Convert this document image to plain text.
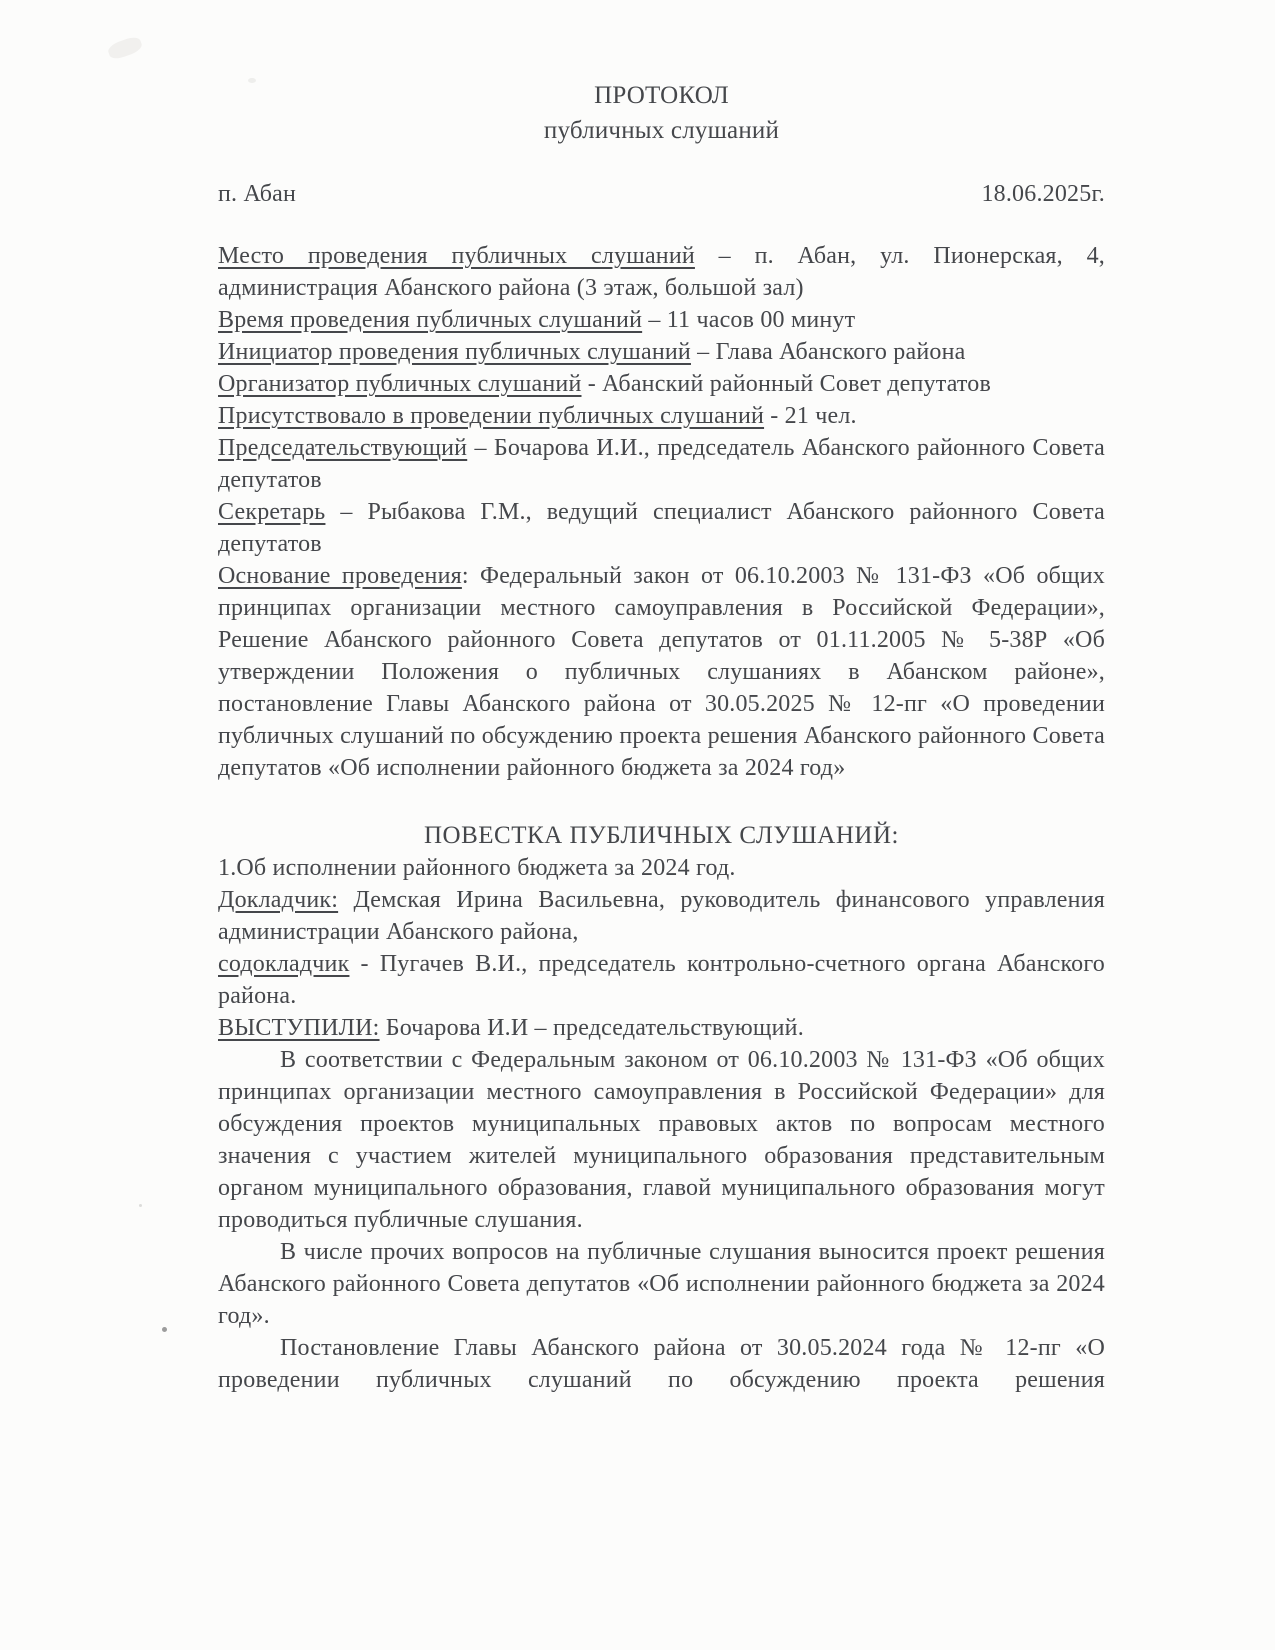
ПРОТОКОЛ
публичных слушаний
п. Абан	18.06.2025г.

Место проведения публичных слушаний – п. Абан, ул. Пионерская, 4, администрация Абанского района (3 этаж, большой зал)

Время проведения публичных слушаний – 11 часов 00 минут

Инициатор проведения публичных слушаний – Глава Абанского района

Организатор публичных слушаний - Абанский районный Совет депутатов

Присутствовало в проведении публичных слушаний - 21 чел.

Председательствующий – Бочарова И.И., председатель Абанского районного Совета депутатов

Секретарь – Рыбакова Г.М., ведущий специалист Абанского районного Совета депутатов

Основание проведения: Федеральный закон от 06.10.2003 № 131-ФЗ «Об общих принципах организации местного самоуправления в Российской Федерации», Решение Абанского районного Совета депутатов от 01.11.2005 № 5-38Р «Об утверждении Положения о публичных слушаниях в Абанском районе», постановление Главы Абанского района от 30.05.2025 № 12-пг «О проведении публичных слушаний по обсуждению проекта решения Абанского районного Совета депутатов «Об исполнении районного бюджета за 2024 год»

ПОВЕСТКА ПУБЛИЧНЫХ СЛУШАНИЙ:

1.Об исполнении районного бюджета за 2024 год.

Докладчик: Демская Ирина Васильевна, руководитель финансового управления администрации Абанского района,

содокладчик - Пугачев В.И., председатель контрольно-счетного органа Абанского района.

ВЫСТУПИЛИ: Бочарова И.И – председательствующий.

В соответствии с Федеральным законом от 06.10.2003 № 131-ФЗ «Об общих принципах организации местного самоуправления в Российской Федерации» для обсуждения проектов муниципальных правовых актов по вопросам местного значения с участием жителей муниципального образования представительным органом муниципального образования, главой муниципального образования могут проводиться публичные слушания.

В числе прочих вопросов на публичные слушания выносится проект решения Абанского районного Совета депутатов «Об исполнении районного бюджета за 2024 год».

Постановление Главы Абанского района от 30.05.2024 года № 12-пг «О проведении публичных слушаний по обсуждению проекта решения
